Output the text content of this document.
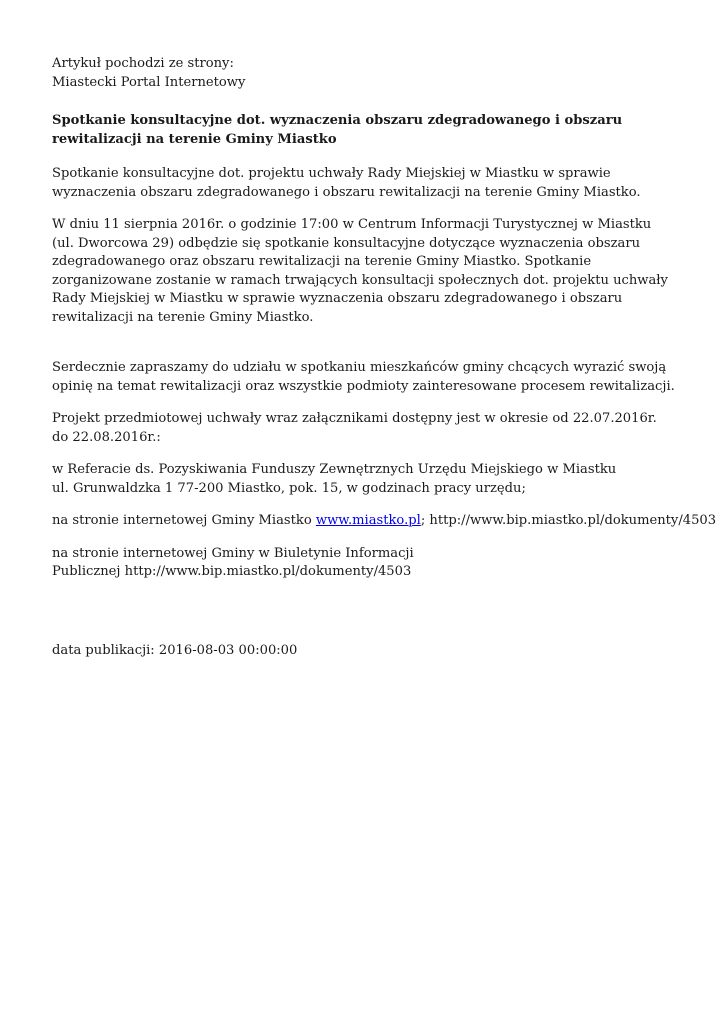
Artykuł pochodzi ze strony:
Miastecki Portal Internetowy
Spotkanie konsultacyjne dot. wyznaczenia obszaru zdegradowanego i obszaru rewitalizacji na terenie Gminy Miastko

Spotkanie konsultacyjne dot. projektu uchwały Rady Miejskiej w Miastku w sprawie wyznaczenia obszaru zdegradowanego i obszaru rewitalizacji na terenie Gminy Miastko.

W dniu 11 sierpnia 2016r. o godzinie 17:00 w Centrum Informacji Turystycznej w Miastku (ul. Dworcowa 29) odbędzie się spotkanie konsultacyjne dotyczące wyznaczenia obszaru zdegradowanego oraz obszaru rewitalizacji na terenie Gminy Miastko. Spotkanie zorganizowane zostanie w ramach trwających konsultacji społecznych dot. projektu uchwały Rady Miejskiej w Miastku w sprawie wyznaczenia obszaru zdegradowanego i obszaru rewitalizacji na terenie Gminy Miastko.

Serdecznie zapraszamy do udziału w spotkaniu mieszkańców gminy chcących wyrazić swoją opinię na temat rewitalizacji oraz wszystkie podmioty zainteresowane procesem rewitalizacji.

Projekt przedmiotowej uchwały wraz załącznikami dostępny jest w okresie od 22.07.2016r. do 22.08.2016r.:

w Referacie ds. Pozyskiwania Funduszy Zewnętrznych Urzędu Miejskiego w Miastku
ul. Grunwaldzka 1 77-200 Miastko, pok. 15, w godzinach pracy urzędu;

na stronie internetowej Gminy Miastko www.miastko.pl; http://www.bip.miastko.pl/dokumenty/4503

na stronie internetowej Gminy w Biuletynie Informacji
Publicznej http://www.bip.miastko.pl/dokumenty/4503

data publikacji: 2016-08-03 00:00:00
